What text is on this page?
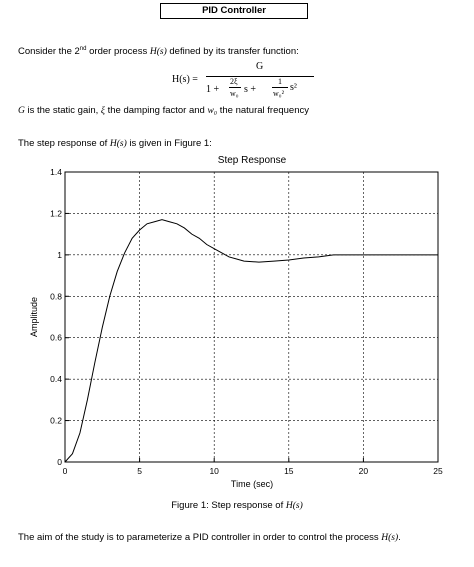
PID Controller
Consider the 2nd order process H(s) defined by its transfer function:
H(s) =
G
1 +
2ξ
w₀ s +
1
w₀²
s²
G is the static gain, ξ the damping factor and w₀ the natural frequency
The step response of H(s) is given in Figure 1:
Step Response
0	5	10	15	20	25
0
0.2
0.4
0.6
0.8
1
1.2
1.4
Time (sec)
Amplitude
Figure 1: Step response of H(s)
The aim of the study is to parameterize a PID controller in order to control the process H(s).
